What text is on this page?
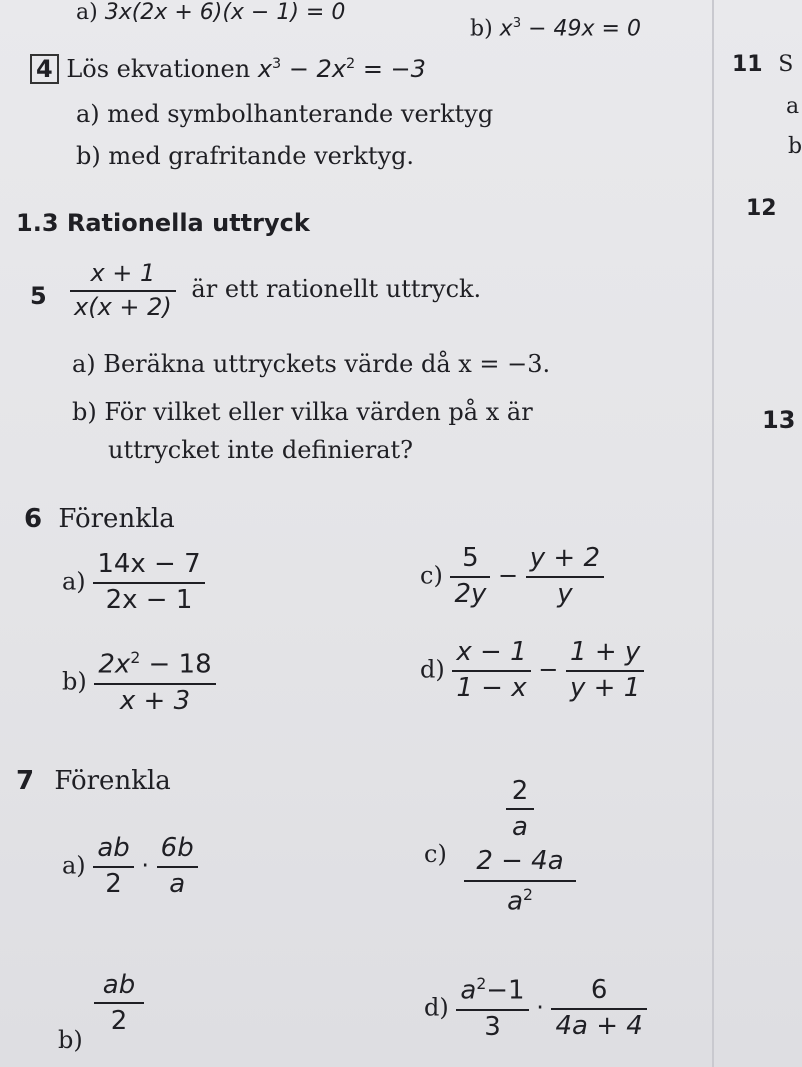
a) 3x(2x + 6)(x − 1) = 0
b) $x^3 - 49x = 0$
4 Lös ekvationen $x^3 - 2x^2 = -3$
a) med symbolhanterande verktyg
b) med grafritande verktyg.
1.3 Rationella uttryck
$5 \frac{x + 1}{x(x + 2)}$ är ett rationellt uttryck.
a) Beräkna uttryckets värde då x = −3.
b) För vilket eller vilka värden på x är
uttrycket inte definierat?
6 Förenkla
$a) \frac{14x - 7}{2x - 1}$
$b) \frac{2x^2 - 18}{x + 3}$
$c) \frac{5}{2y} - \frac{y + 2}{y}$
$d) \frac{x - 1}{1 - x} - \frac{1 + y}{y + 1}$
7 Förenkla
$a) \frac{ab}{2} \cdot \frac{6b}{a}$	c)
2
a
2 − 4a
$a^2$
b)
ab
2	$d) \frac{a^2-1}{3} \cdot \frac{6}{4a + 4}$
11 S
a
b
12
13
